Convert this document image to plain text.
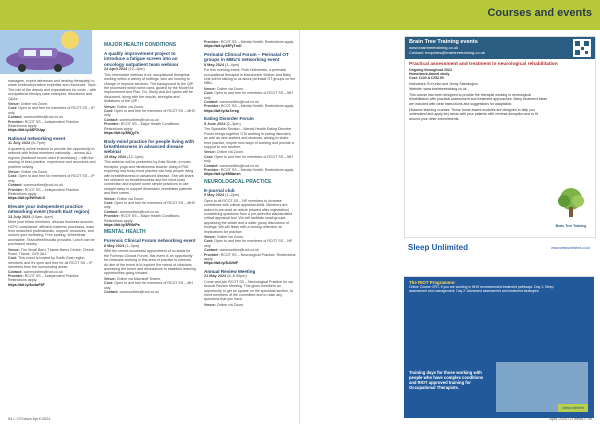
Courses and events

managers, expert witnesses and treating therapists) to share evidence/practice expertise and resources. Topic: The role of the deputy and expectations for costs – with occupational therapy case examples, discussion and Q&As.

Venue: Online via Zoom.

Cost: Open to and free for members of RCOT SS – IP only.

Contact: communities@rcot.co.uk

Provider: RCOT SS – Independent Practice. Restrictions apply.

https://bit.ly/48FOUpp

National networking event
11 July 2024 (6–7pm)

A quarterly online session to provide the opportunity to network with fellow members nationally – across ALL regions (breakout rooms used if necessary) – with the sharing of best practice, experience and resources and problem solving.

Venue: Online via Zoom.

Cost: Open to and free for members of RCOT SS – IP only.

Contact: communities@rcot.co.uk

Provider: RCOT SS – Independent Practice. Restrictions apply.

https://bit.ly/3WVstLS

Elevate your independent practice networking event (South East region)
13 July 2024 (10am–4pm)

Meet your fellow members, discuss business acumen, HCPC compliance, efficient business processes, learn from seasoned professionals, support, resources, and nurture your wellbeing. Free parking. Wheelchair accessible. Tea/coffee/biscuits provided. Lunch can be purchased nearby.

Venue: The Small Barn, Thame Barns Centre, Church Road, Thame, OX9 3AJ.

Cost: This event is hosted by South East region members and it's open and free for all RCOT SS – IP members from the surrounding areas.

Contact: communities@rcot.co.uk

Provider: RCOT SS – Independent Practice. Restrictions apply.

https://bit.ly/4cdwF4F

MAJOR HEALTH CONDITIONS
A quality improvement project to introduce a fatigue screen into an oncology outpatient team webinar
24 April 2024 (12–1pm)

This informative webinar is for occupational therapists working within a variety of settings, who are looking to change or improve services. The background to the QIP, the processes which were used, guided by the Model for Improvement and Plan, Do, Study and Act cycles will be discussed, along with the results, strengths and limitations of the QIP.

Venue: Online via Zoom.

Cost: Open to and free for members of RCOT SS – MHC only.

Contact: communities@rcot.co.uk

Provider: RCOT SS – Major Health Conditions. Restrictions apply.

https://bit.ly/3BQyTk

Body-mind practice for people living with breathlessness in advanced disease webinar
15 May 2024 (12–1pm)

This webinar will be presented by Kate Binnie, a music therapist, yoga and mindfulness teacher doing a PhD exploring how body-mind practice can help people living with breathlessness in advanced disease. She will share her research on breathlessness and the mind-body connection and explore some simple practices to use straight away to support distressed, breathless patients and their carers.

Venue: Online via Zoom.

Cost: Open to and free for members of RCOT SS – MHC only.

Contact: communities@rcot.co.uk

Provider: RCOT SS – Major Health Conditions. Restrictions apply.

https://bit.ly/3RVkiPa

MENTAL HEALTH
Forensic Clinical Forum networking event
8 May 2024 (1–3pm)

With the recent successful appointment of co-leads for the Forensic Clinical Forum, this event is an opportunity for clinicians working in this area of practice to network. An aim of the event is to explore the needs of clinicians accessing the forum and discussions to establish learning opportunities going forward.

Venue: Online via Microsoft Teams.

Cost: Open to and free for members of RCOT SS – MH only.

Contact: communities@rcot.co.uk

Provider: RCOT SS – Mental Health. Restrictions apply.

https://bit.ly/49FyTmD

Perinatal Clinical Forum – Perinatal OT groups in MBU's networking event
8 May 2024 (1–4pm)

For this evening event, Ruth Hofmeister, a perinatal occupational therapist in Manchester Mother and Baby Unit will be talking to us about perinatal OT groups on the MBU.

Venue: Online via Zoom.

Cost: Open to and free for members of RCOT SS – MH only.

Contact: communities@rcot.co.uk

Provider: RCOT SS – Mental Health. Restrictions apply.

https://bit.ly/4a7ersg

Eating Disorder Forum
5 June 2024 (2–3pm)

The Specialist Section – Mental Health Eating Disorder Forum brings together OTs working in eating disorders, as well as new starters and students, aiming to share best practice, inspire new ways of working and provide a support to one another.

Venue: Online via Zoom.

Cost: Open to and free for members of RCOT SS – MH only.

Contact: communities@rcot.co.uk

Provider: RCOT SS – Mental Health. Restrictions apply.

https://bit.ly/49Bbnxn

NEUROLOGICAL PRACTICE
E-journal club
9 May 2024 (1–2pm)

Open to all RCOT SS – NP members to increase confidence with critical appraisal skills. Members are asked to pre-read an article (shared after registration) considering questions from a pre-selected standardised critical appraisal tool. We will facilitate small groups appraising the article and a wider group discussion of findings. We will finish with a closing reflection on implications for practice.

Venue: Online via Zoom.

Cost: Open to and free for members of RCOT SS – NP only.

Contact: communities@rcot.co.uk

Provider: RCOT SS – Neurological Practice. Restrictions apply.

https://bit.ly/3Ui2hIF

Annual Review Meeting
21 May 2024 (6–6.30pm)

Come and join RCOT SS – Neurological Practice for our Annual Review Meeting. This gives members an opportunity to get an update on the specialist section, to meet members of the committee and to raise any questions that you have.

Venue: Online via Zoom.

Brain Tree Training events
www.braintreetraining.co.uk
Contact: enquiries@braintreetraining.co.uk
Practical assessment and treatment in neurological rehabilitation
Ongoing throughout 2024
Home/work-based study
Cost: £130 & £252.50
Instructors: Ed Kelso and Jenny Stannington
Website: www.braintreetraining.co.uk
This course has been designed to provide the therapist working in neurological rehabilitation with practical assessment and treatment approaches. Many treatment ideas are included with clear instructions and suggestions for adaptation.
Distance learning courses: These home-based modules are designed to help you understand and apply key areas with your patients with minimal disruption and to fit around your other commitments.
Brain Tree Training
Sleep Unlimited	www.sleepunlimited.co.uk
The RIOT Programme:
Online Course CPD. If you are working in NHS recommended treatment pathways. Day 1: Sleep assessment and management. Day 2: Advanced assessment and treatment strategies.
Training days for those working with people who have complex conditions and RIOT approved training for Occupational Therapists.
sleepunlimited
54 ▹ OTnews April 2024	April 2024 OTnews ▹ 55
